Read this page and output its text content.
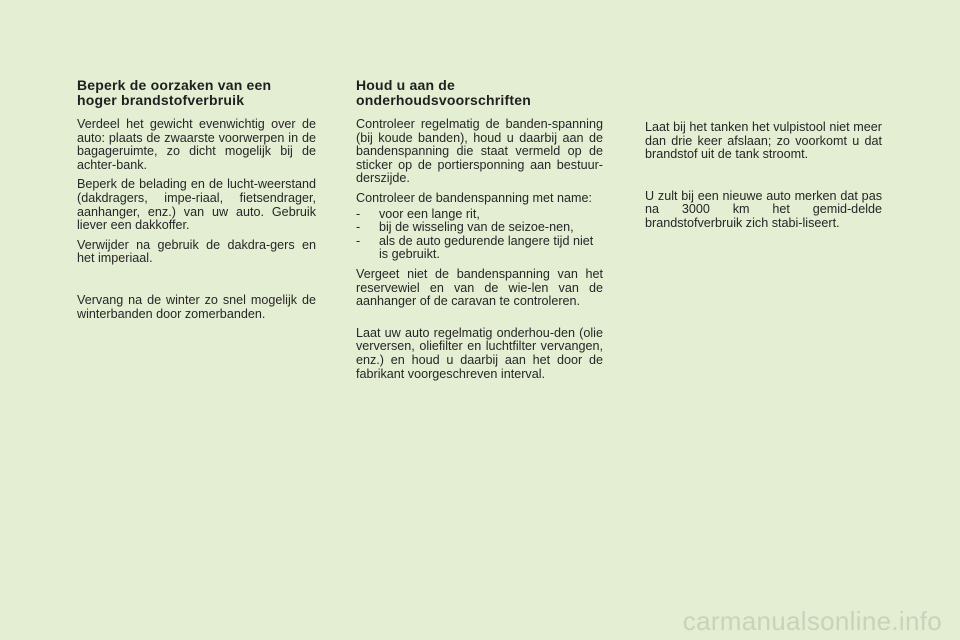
Beperk de oorzaken van een
hoger brandstofverbruik

Verdeel het gewicht evenwichtig over de auto: plaats de zwaarste voorwerpen in de bagageruimte, zo dicht mogelijk bij de achter-bank.

Beperk de belading en de lucht-weerstand (dakdragers, impe-riaal, fietsendrager, aanhanger, enz.) van uw auto. Gebruik liever een dakkoffer.

Verwijder na gebruik de dakdra-gers en het imperiaal.

Vervang na de winter zo snel mogelijk de winterbanden door zomerbanden.

Houd u aan de
onderhoudsvoorschriften

Controleer regelmatig de banden-spanning (bij koude banden), houd u daarbij aan de bandenspanning die staat vermeld op de sticker op de portiersponning aan bestuur-derszijde.

Controleer de bandenspanning met name:

- voor een lange rit,
- bij de wisseling van de seizoe-nen,
- als de auto gedurende langere tijd niet is gebruikt.

Vergeet niet de bandenspanning van het reservewiel en van de wie-len van de aanhanger of de caravan te controleren.

Laat uw auto regelmatig onderhou-den (olie verversen, oliefilter en luchtfilter vervangen, enz.) en houd u daarbij aan het door de fabrikant voorgeschreven interval.

Laat bij het tanken het vulpistool niet meer dan drie keer afslaan; zo voorkomt u dat brandstof uit de tank stroomt.

U zult bij een nieuwe auto merken dat pas na 3000 km het gemid-delde brandstofverbruik zich stabi-liseert.

carmanualsonline.info
